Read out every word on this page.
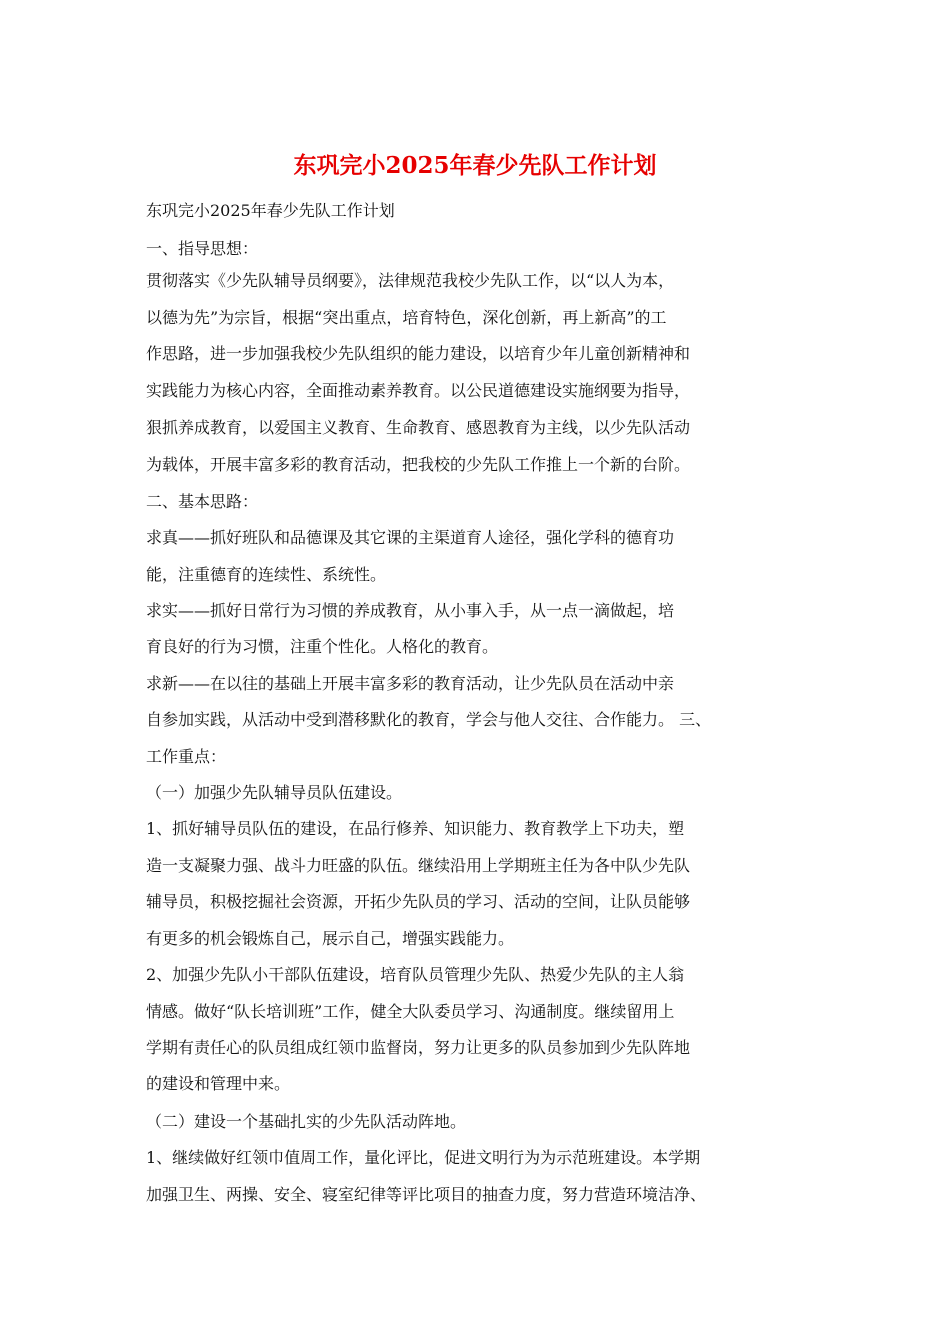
东巩完小2025年春少先队工作计划
东巩完小2025年春少先队工作计划
一、指导思想：
贯彻落实《少先队辅导员纲要》，法律规范我校少先队工作，以“以人为本，
以德为先”为宗旨，根据“突出重点，培育特色，深化创新，再上新高”的工
作思路，进一步加强我校少先队组织的能力建设，以培育少年儿童创新精神和
实践能力为核心内容，全面推动素养教育。以公民道德建设实施纲要为指导，
狠抓养成教育，以爱国主义教育、生命教育、感恩教育为主线，以少先队活动
为载体，开展丰富多彩的教育活动，把我校的少先队工作推上一个新的台阶。
二、基本思路：
求真——抓好班队和品德课及其它课的主渠道育人途径，强化学科的德育功
能，注重德育的连续性、系统性。
求实——抓好日常行为习惯的养成教育，从小事入手，从一点一滴做起，培
育良好的行为习惯，注重个性化。人格化的教育。
求新——在以往的基础上开展丰富多彩的教育活动，让少先队员在活动中亲
自参加实践，从活动中受到潜移默化的教育，学会与他人交往、合作能力。 三、
工作重点：
（一）加强少先队辅导员队伍建设。
1、抓好辅导员队伍的建设，在品行修养、知识能力、教育教学上下功夫，塑
造一支凝聚力强、战斗力旺盛的队伍。继续沿用上学期班主任为各中队少先队
辅导员，积极挖掘社会资源，开拓少先队员的学习、活动的空间，让队员能够
有更多的机会锻炼自己，展示自己，增强实践能力。
2、加强少先队小干部队伍建设，培育队员管理少先队、热爱少先队的主人翁
情感。做好“队长培训班”工作，健全大队委员学习、沟通制度。继续留用上
学期有责任心的队员组成红领巾监督岗，努力让更多的队员参加到少先队阵地
的建设和管理中来。
（二）建设一个基础扎实的少先队活动阵地。
1、继续做好红领巾值周工作，量化评比，促进文明行为为示范班建设。本学期
加强卫生、两操、安全、寝室纪律等评比项目的抽查力度，努力营造环境洁净、
